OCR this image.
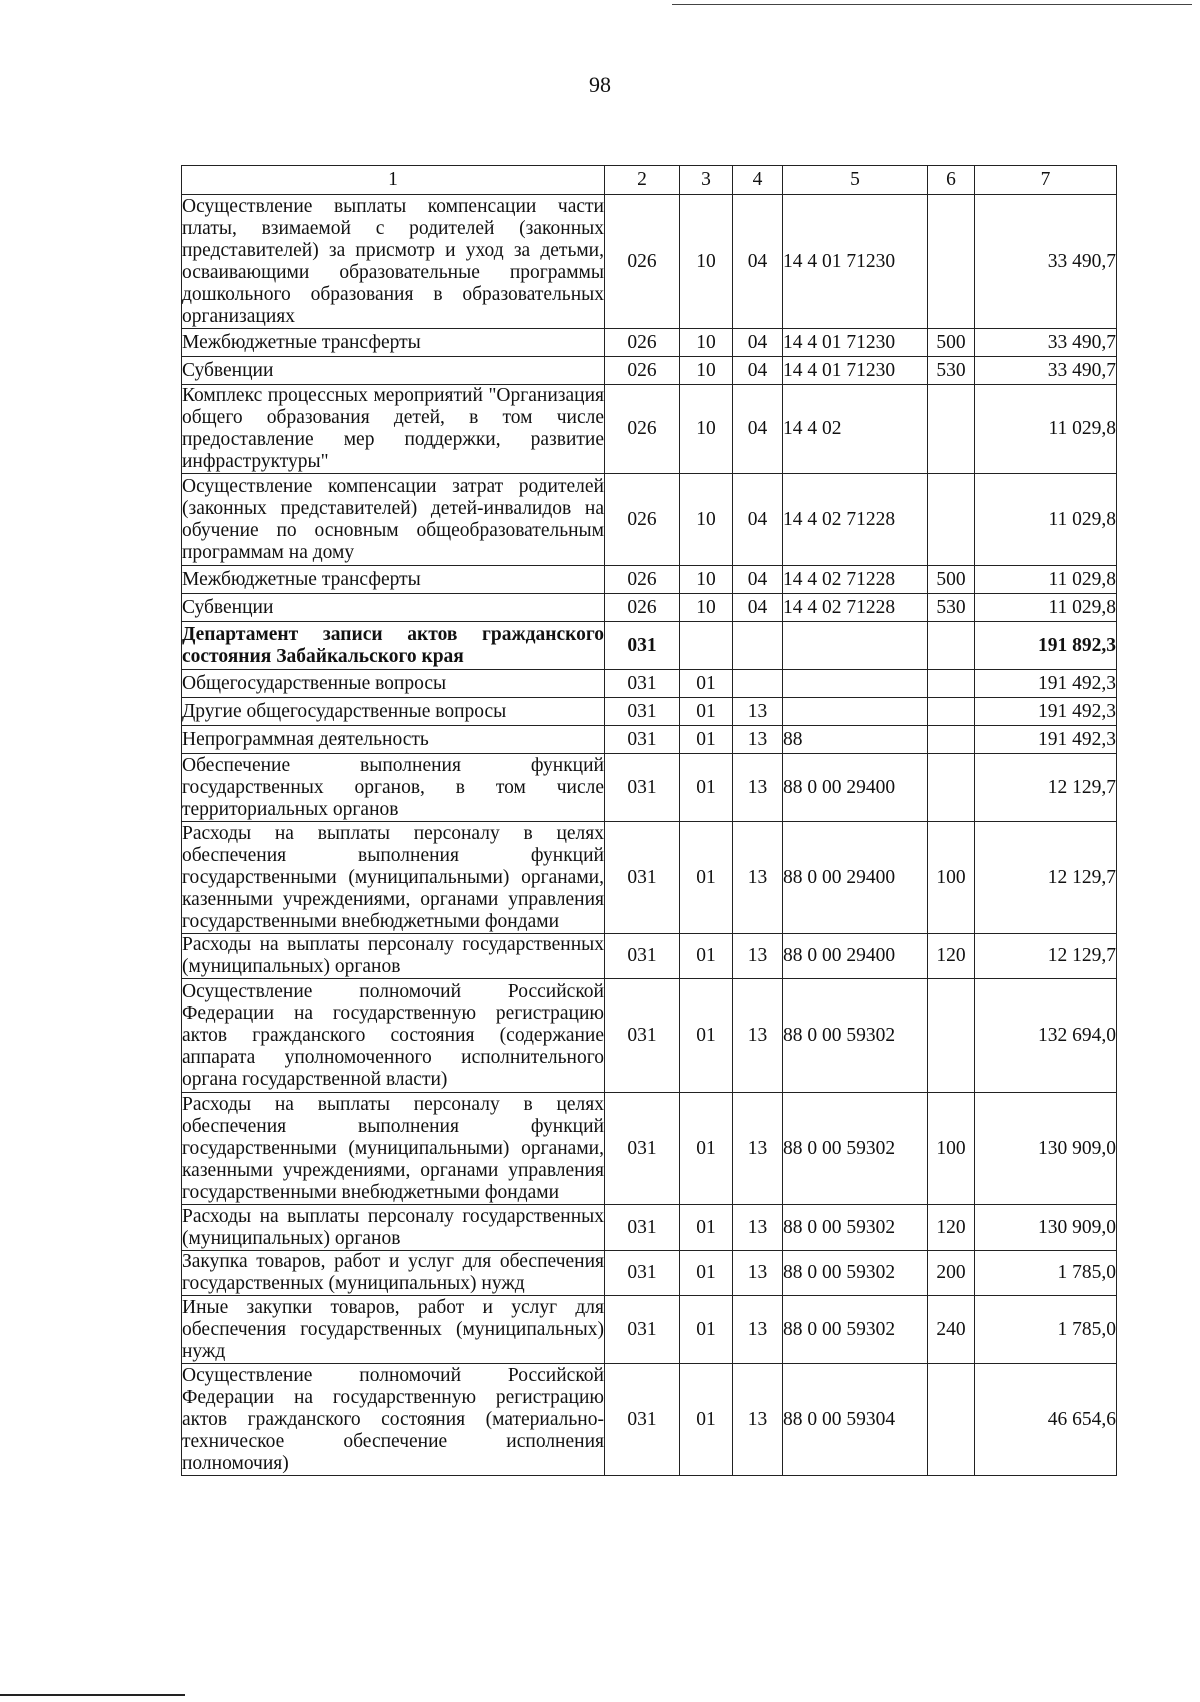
98
1	2	3	4	5	6	7
Осуществление выплаты компенсации части платы, взимаемой с родителей (законных представителей) за присмотр и уход за детьми, осваивающими образовательные программы дошкольного образования в образовательных организациях	026	10	04	14 4 01 71230		33 490,7
Межбюджетные трансферты	026	10	04	14 4 01 71230	500	33 490,7
Субвенции	026	10	04	14 4 01 71230	530	33 490,7
Комплекс процессных мероприятий "Организация общего образования детей, в том числе предоставление мер поддержки, развитие инфраструктуры"	026	10	04	14 4 02		11 029,8
Осуществление компенсации затрат родителей (законных представителей) детей-инвалидов на обучение по основным общеобразовательным программам на дому	026	10	04	14 4 02 71228		11 029,8
Межбюджетные трансферты	026	10	04	14 4 02 71228	500	11 029,8
Субвенции	026	10	04	14 4 02 71228	530	11 029,8
Департамент записи актов гражданского состояния Забайкальского края	031					191 892,3
Общегосударственные вопросы	031	01				191 492,3
Другие общегосударственные вопросы	031	01	13			191 492,3
Непрограммная деятельность	031	01	13	88		191 492,3
Обеспечение выполнения функций государственных органов, в том числе территориальных органов	031	01	13	88 0 00 29400		12 129,7
Расходы на выплаты персоналу в целях обеспечения выполнения функций государственными (муниципальными) органами, казенными учреждениями, органами управления государственными внебюджетными фондами	031	01	13	88 0 00 29400	100	12 129,7
Расходы на выплаты персоналу государственных (муниципальных) органов	031	01	13	88 0 00 29400	120	12 129,7
Осуществление полномочий Российской Федерации на государственную регистрацию актов гражданского состояния (содержание аппарата уполномоченного исполнительного органа государственной власти)	031	01	13	88 0 00 59302		132 694,0
Расходы на выплаты персоналу в целях обеспечения выполнения функций государственными (муниципальными) органами, казенными учреждениями, органами управления государственными внебюджетными фондами	031	01	13	88 0 00 59302	100	130 909,0
Расходы на выплаты персоналу государственных (муниципальных) органов	031	01	13	88 0 00 59302	120	130 909,0
Закупка товаров, работ и услуг для обеспечения государственных (муниципальных) нужд	031	01	13	88 0 00 59302	200	1 785,0
Иные закупки товаров, работ и услуг для обеспечения государственных (муниципальных) нужд	031	01	13	88 0 00 59302	240	1 785,0
Осуществление полномочий Российской Федерации на государственную регистрацию актов гражданского состояния (материально-техническое обеспечение исполнения полномочия)	031	01	13	88 0 00 59304		46 654,6
